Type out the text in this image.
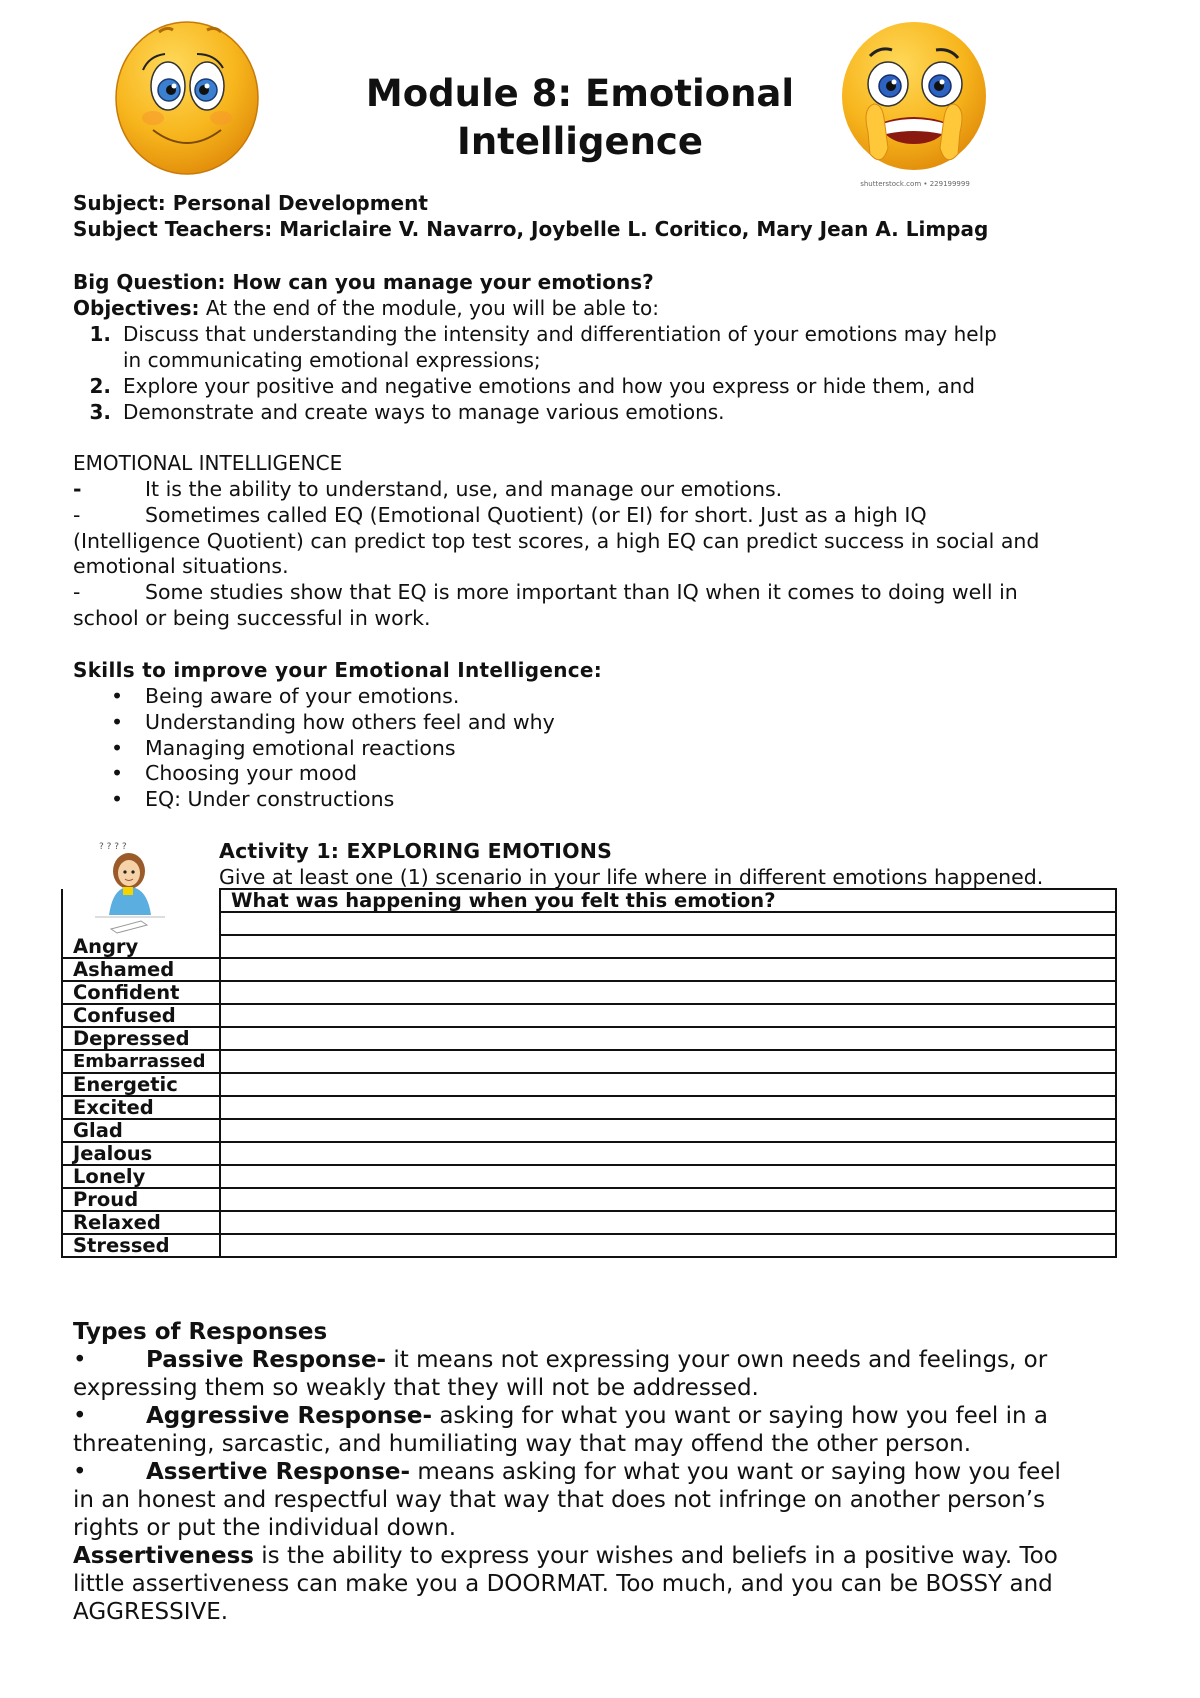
Module 8: Emotional
Intelligence
shutterstock.com • 229199999
Subject: Personal Development
Subject Teachers: Mariclaire V. Navarro, Joybelle L. Coritico, Mary Jean A. Limpag
Big Question: How can you manage your emotions?
Objectives: At the end of the module, you will be able to:
1. Discuss that understanding the intensity and differentiation of your emotions may help
in communicating emotional expressions;
2. Explore your positive and negative emotions and how you express or hide them, and
3. Demonstrate and create ways to manage various emotions.
EMOTIONAL INTELLIGENCE
-	It is the ability to understand, use, and manage our emotions.
-	Sometimes called EQ (Emotional Quotient) (or EI) for short. Just as a high IQ
(Intelligence Quotient) can predict top test scores, a high EQ can predict success in social and
emotional situations.
-	Some studies show that EQ is more important than IQ when it comes to doing well in
school or being successful in work.
Skills to improve your Emotional Intelligence:
• Being aware of your emotions.
• Understanding how others feel and why
• Managing emotional reactions
• Choosing your mood
• EQ: Under constructions
? ? ? ?	Activity 1: EXPLORING EMOTIONS
Give at least one (1) scenario in your life where in different emotions happened.
	What was happening when you felt this emotion?

Angry	
Ashamed	
Confident	
Confused	
Depressed	
Embarrassed	
Energetic	
Excited	
Glad	
Jealous	
Lonely	
Proud	
Relaxed	
Stressed	
Types of Responses
•	Passive Response- it means not expressing your own needs and feelings, or
expressing them so weakly that they will not be addressed.
•	Aggressive Response- asking for what you want or saying how you feel in a
threatening, sarcastic, and humiliating way that may offend the other person.
•	Assertive Response- means asking for what you want or saying how you feel
in an honest and respectful way that way that does not infringe on another person’s
rights or put the individual down.
Assertiveness is the ability to express your wishes and beliefs in a positive way. Too
little assertiveness can make you a DOORMAT. Too much, and you can be BOSSY and
AGGRESSIVE.
